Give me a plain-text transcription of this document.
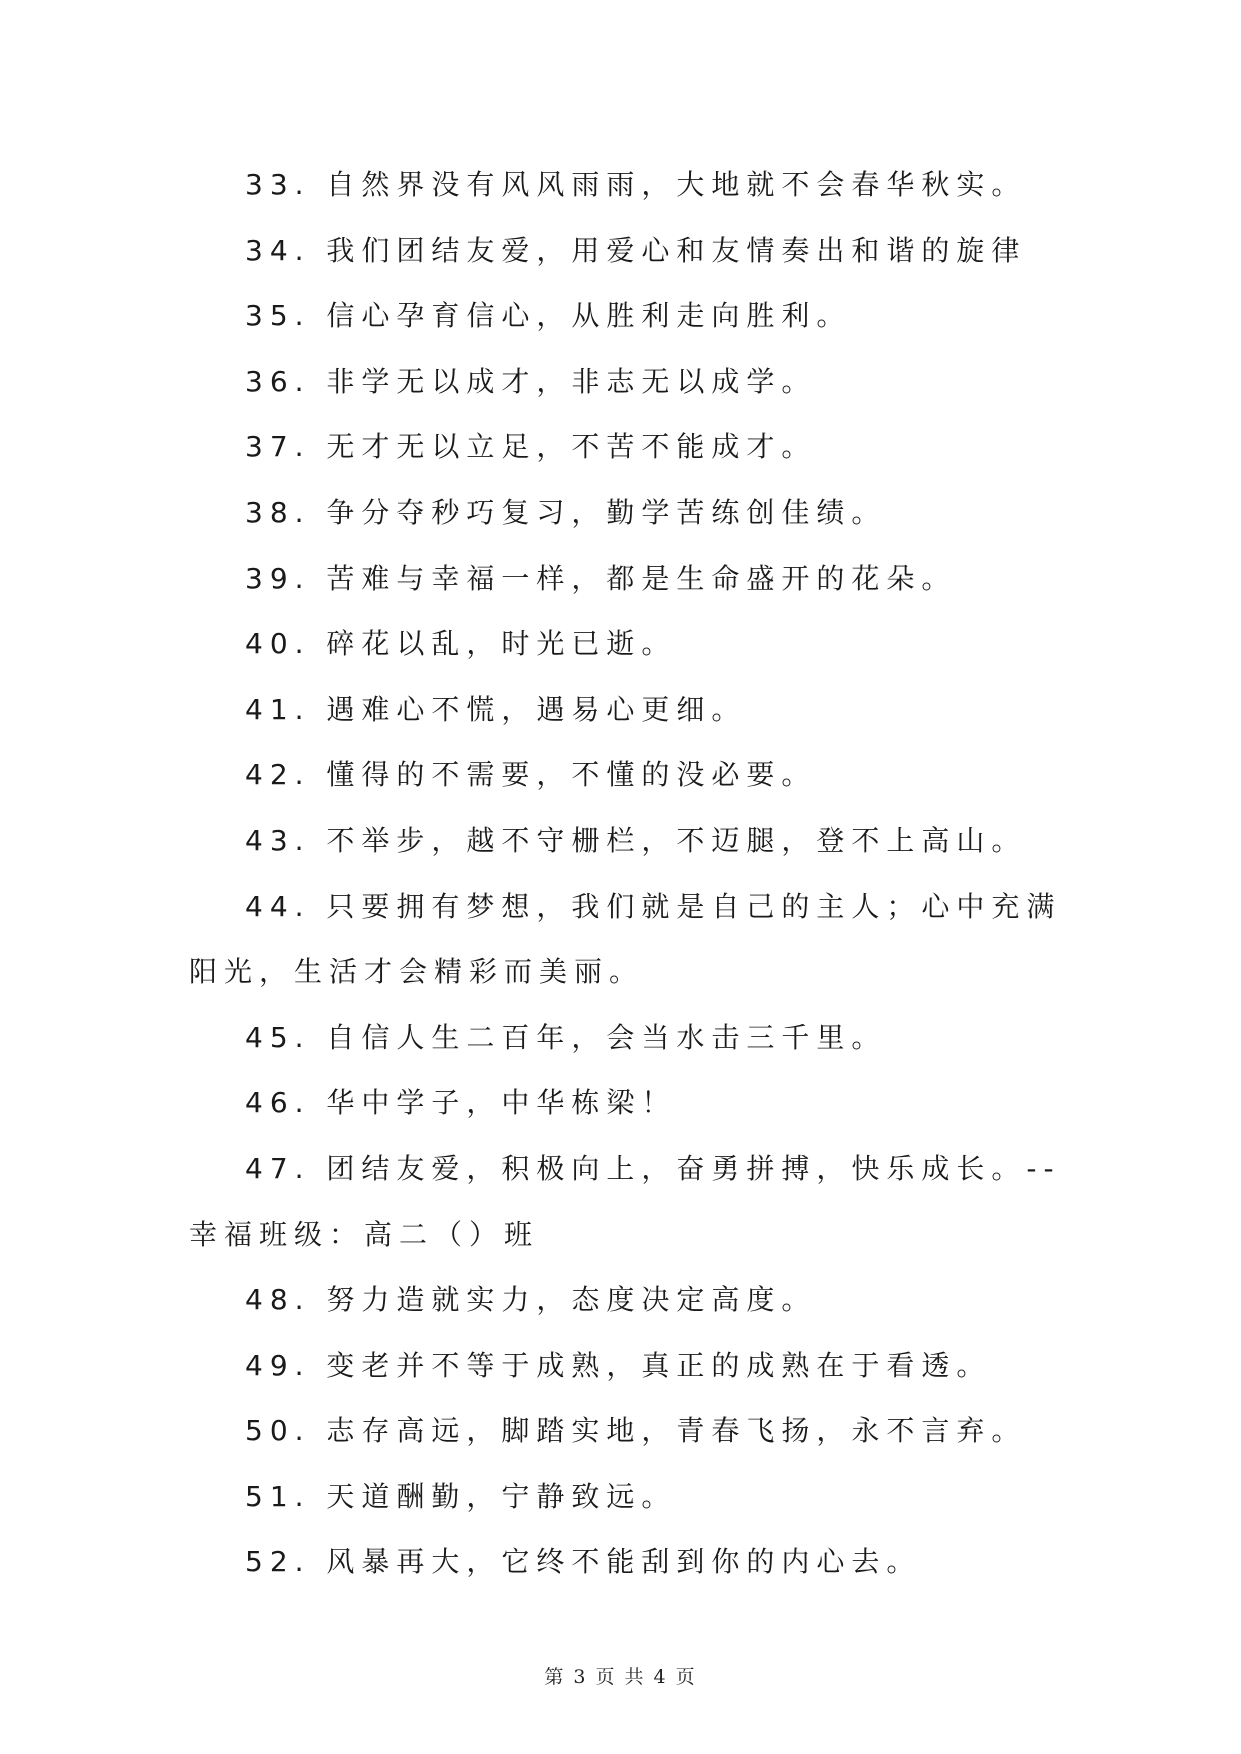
33. 自然界没有风风雨雨，大地就不会春华秋实。
34. 我们团结友爱，用爱心和友情奏出和谐的旋律
35. 信心孕育信心，从胜利走向胜利。
36. 非学无以成才，非志无以成学。
37. 无才无以立足，不苦不能成才。
38. 争分夺秒巧复习，勤学苦练创佳绩。
39. 苦难与幸福一样，都是生命盛开的花朵。
40. 碎花以乱，时光已逝。
41. 遇难心不慌，遇易心更细。
42. 懂得的不需要，不懂的没必要。
43. 不举步，越不守栅栏，不迈腿，登不上高山。
44. 只要拥有梦想，我们就是自己的主人；心中充满阳光，生活才会精彩而美丽。
45. 自信人生二百年，会当水击三千里。
46. 华中学子，中华栋梁！
47. 团结友爱，积极向上，奋勇拼搏，快乐成长。--幸福班级：高二（）班
48. 努力造就实力，态度决定高度。
49. 变老并不等于成熟，真正的成熟在于看透。
50. 志存高远，脚踏实地，青春飞扬，永不言弃。
51. 天道酬勤，宁静致远。
52. 风暴再大，它终不能刮到你的内心去。
第 3 页 共 4 页
